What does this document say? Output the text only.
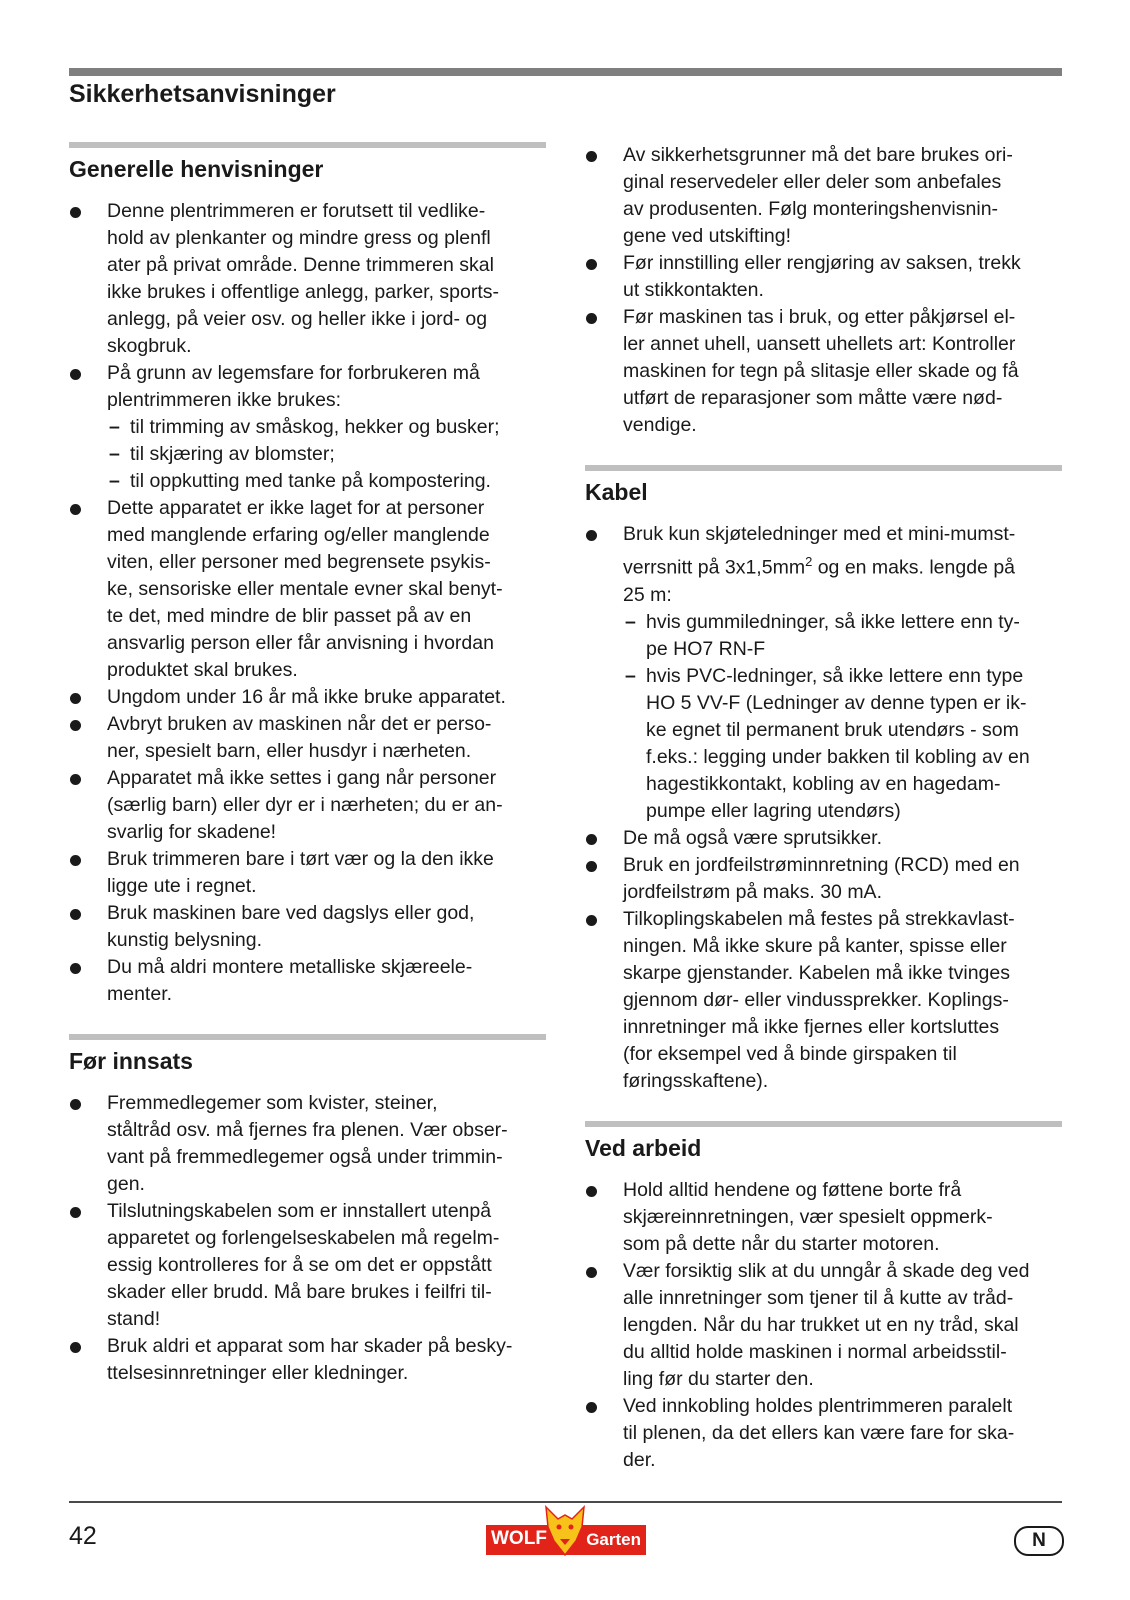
Sikkerhetsanvisninger
Generelle henvisninger
Denne plentrimmeren er forutsett til vedlike-
hold av plenkanter og mindre gress og plenfl
ater på privat område. Denne trimmeren skal
ikke brukes i offentlige anlegg, parker, sports-
anlegg, på veier osv. og heller ikke i jord- og
skogbruk.
På grunn av legemsfare for forbrukeren må
plentrimmeren ikke brukes:
– til trimming av småskog, hekker og busker;
– til skjæring av blomster;
– til oppkutting med tanke på kompostering.
Dette apparatet er ikke laget for at personer
med manglende erfaring og/eller manglende
viten, eller personer med begrensete psykis-
ke, sensoriske eller mentale evner skal benyt-
te det, med mindre de blir passet på av en
ansvarlig person eller får anvisning i hvordan
produktet skal brukes.
Ungdom under 16 år må ikke bruke apparatet.
Avbryt bruken av maskinen når det er perso-
ner, spesielt barn, eller husdyr i nærheten.
Apparatet må ikke settes i gang når personer
(særlig barn) eller dyr er i nærheten; du er an-
svarlig for skadene!
Bruk trimmeren bare i tørt vær og la den ikke
ligge ute i regnet.
Bruk maskinen bare ved dagslys eller god,
kunstig belysning.
Du må aldri montere metalliske skjæreele-
menter.
Før innsats
Fremmedlegemer som kvister, steiner,
ståltråd osv. må fjernes fra plenen. Vær obser-
vant på fremmedlegemer også under trimmin-
gen.
Tilslutningskabelen som er innstallert utenpå
apparetet og forlengelseskabelen må regelm-
essig kontrolleres for å se om det er oppstått
skader eller brudd. Må bare brukes i feilfri til-
stand!
Bruk aldri et apparat som har skader på besky-
ttelsesinnretninger eller kledninger.
Av sikkerhetsgrunner må det bare brukes ori-
ginal reservedeler eller deler som anbefales
av produsenten. Følg monteringshenvisnin-
gene ved utskifting!
Før innstilling eller rengjøring av saksen, trekk
ut stikkontakten.
Før maskinen tas i bruk, og etter påkjørsel el-
ler annet uhell, uansett uhellets art: Kontroller
maskinen for tegn på slitasje eller skade og få
utført de reparasjoner som måtte være nød-
vendige.
Kabel
Bruk kun skjøteledninger med et mini-mumst-
verrsnitt på $3x1,5mm^2$ og en maks. lengde på
25 m:
– hvis gummiledninger, så ikke lettere enn ty-
pe HO7 RN-F
– hvis PVC-ledninger, så ikke lettere enn type
HO 5 VV-F (Ledninger av denne typen er ik-
ke egnet til permanent bruk utendørs - som
f.eks.: legging under bakken til kobling av en
hagestikkontakt, kobling av en hagedam-
pumpe eller lagring utendørs)
De må også være sprutsikker.
Bruk en jordfeilstrøminnretning (RCD) med en
jordfeilstrøm på maks. 30 mA.
Tilkoplingskabelen må festes på strekkavlast-
ningen. Må ikke skure på kanter, spisse eller
skarpe gjenstander. Kabelen må ikke tvinges
gjennom dør- eller vindussprekker. Koplings-
innretninger må ikke fjernes eller kortsluttes
(for eksempel ved å binde girspaken til
føringsskaftene).
Ved arbeid
Hold alltid hendene og føttene borte frå
skjæreinnretningen, vær spesielt oppmerk-
som på dette når du starter motoren.
Vær forsiktig slik at du unngår å skade deg ved
alle innretninger som tjener til å kutte av tråd-
lengden. Når du har trukket ut en ny tråd, skal
du alltid holde maskinen i normal arbeidsstil-
ling før du starter den.
Ved innkobling holdes plentrimmeren paralelt
til plenen, da det ellers kan være fare for ska-
der.
42	WOLF Garten	N
